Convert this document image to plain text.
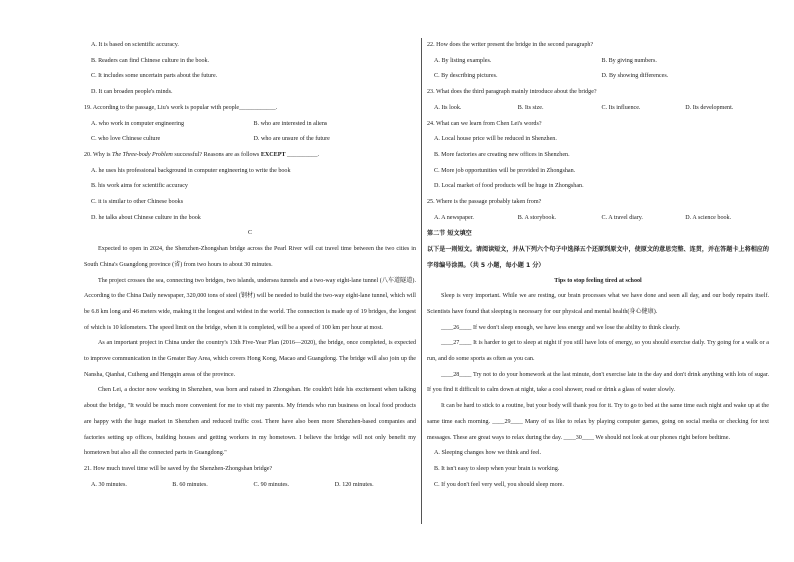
A. It is based on scientific accuracy.
B. Readers can find Chinese culture in the book.
C. It includes some uncertain parts about the future.
D. It can broaden people's minds.
19. According to the passage, Liu's work is popular with people____________.
A. who work in computer engineering	B. who are interested in aliens
C. who love Chinese culture	D. who are unsure of the future
20. Why is The Three-body Problem successful? Reasons are as follows EXCEPT __________.
A. he uses his professional background in computer engineering to write the book
B. his work aims for scientific accuracy
C. it is similar to other Chinese books
D. he talks about Chinese culture in the book
C
Expected to open in 2024, the Shenzhen-Zhongshan bridge across the Pearl River will cut travel time between the two cities in South China's Guangdong province (省) from two hours to about 30 minutes.
The project crosses the sea, connecting two bridges, two islands, undersea tunnels and a two-way eight-lane tunnel (八车道隧道). According to the China Daily newspaper, 320,000 tons of steel (钢材) will be needed to build the two-way eight-lane tunnel, which will be 6.8 km long and 46 meters wide, making it the longest and widest in the world. The connection is made up of 19 bridges, the longest of which is 10 kilometers. The speed limit on the bridge, when it is completed, will be a speed of 100 km per hour at most.
As an important project in China under the country's 13th Five-Year Plan (2016—2020), the bridge, once completed, is expected to improve communication in the Greater Bay Area, which covers Hong Kong, Macao and Guangdong. The bridge will also join up the Nansha, Qianhai, Cuiheng and Hengqin areas of the province.
Chen Lei, a doctor now working in Shenzhen, was born and raised in Zhongshan. He couldn't hide his excitement when talking about the bridge, "It would be much more convenient for me to visit my parents. My friends who run business on local food products are happy with the huge market in Shenzhen and reduced traffic cost. There have also been more Shenzhen-based companies and factories setting up offices, building houses and getting workers in my hometown. I believe the bridge will not only benefit my hometown but also all the connected parts in Guangdong."
21. How much travel time will be saved by the Shenzhen-Zhongshan bridge?
A. 30 minutes.	B. 60 minutes.	C. 90 minutes.	D. 120 minutes.
22. How does the writer present the bridge in the second paragraph?
A. By listing examples.	B. By giving numbers.
C. By describing pictures.	D. By showing differences.
23. What does the third paragraph mainly introduce about the bridge?
A. Its look.	B. Its size.	C. Its influence.	D. Its development.
24. What can we learn from Chen Lei's words?
A. Local house price will be reduced in Shenzhen.
B. More factories are creating new offices in Shenzhen.
C. More job opportunities will be provided in Zhongshan.
D. Local market of food products will be huge in Zhongshan.
25. Where is the passage probably taken from?
A. A newspaper.	B. A storybook.	C. A travel diary.	D. A science book.
第二节 短文填空
以下是一则短文。请阅读短文，并从下列六个句子中选择五个还原到原文中，使原文的意思完整、连贯，并在答题卡上将相应的字母编号涂黑。（共 5 小题，每小题 1 分）
Tips to stop feeling tired at school
Sleep is very important. While we are resting, our brain processes what we have done and seen all day, and our body repairs itself. Scientists have found that sleeping is necessary for our physical and mental health(身心健康).
____26____ If we don't sleep enough, we have less energy and we lose the ability to think clearly.
____27____ It is harder to get to sleep at night if you still have lots of energy, so you should exercise daily. Try going for a walk or a run, and do some sports as often as you can.
____28____ Try not to do your homework at the last minute, don't exercise late in the day and don't drink anything with lots of sugar. If you find it difficult to calm down at night, take a cool shower, read or drink a glass of water slowly.
It can be hard to stick to a routine, but your body will thank you for it. Try to go to bed at the same time each night and wake up at the same time each morning. ____29____ Many of us like to relax by playing computer games, going on social media or checking for text messages. These are great ways to relax during the day. ____30____ We should not look at our phones right before bedtime.
A. Sleeping changes how we think and feel.
B. It isn't easy to sleep when your brain is working.
C. If you don't feel very well, you should sleep more.
